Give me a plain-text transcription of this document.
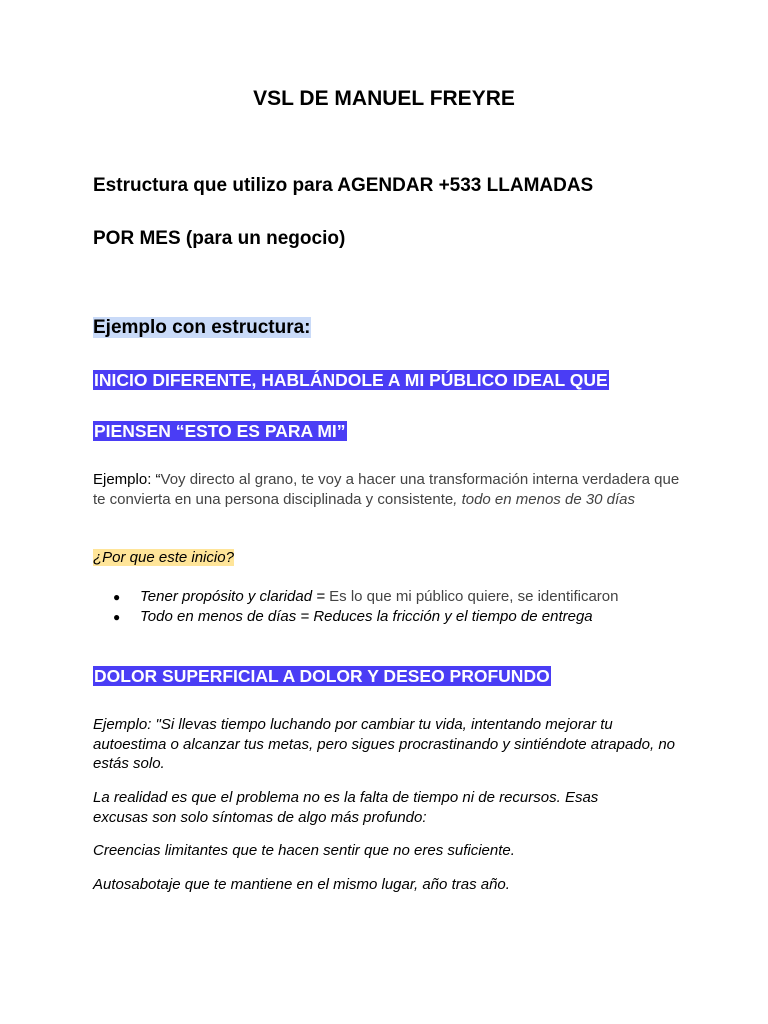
VSL DE MANUEL FREYRE
Estructura que utilizo para AGENDAR +533 LLAMADAS
POR MES (para un negocio)
Ejemplo con estructura:
INICIO DIFERENTE, HABLÁNDOLE A MI PÚBLICO IDEAL QUE
PIENSEN “ESTO ES PARA MI”

Ejemplo: “Voy directo al grano, te voy a hacer una transformación interna verdadera que te convierta en una persona disciplinada y consistente, todo en menos de 30 días

¿Por que este inicio?
● Tener propósito y claridad = Es lo que mi público quiere, se identificaron
● Todo en menos de días = Reduces la fricción y el tiempo de entrega
DOLOR SUPERFICIAL A DOLOR Y DESEO PROFUNDO

Ejemplo: "Si llevas tiempo luchando por cambiar tu vida, intentando mejorar tu autoestima o alcanzar tus metas, pero sigues procrastinando y sintiéndote atrapado, no estás solo.

La realidad es que el problema no es la falta de tiempo ni de recursos. Esas excusas son solo síntomas de algo más profundo:

Creencias limitantes que te hacen sentir que no eres suficiente.

Autosabotaje que te mantiene en el mismo lugar, año tras año.
